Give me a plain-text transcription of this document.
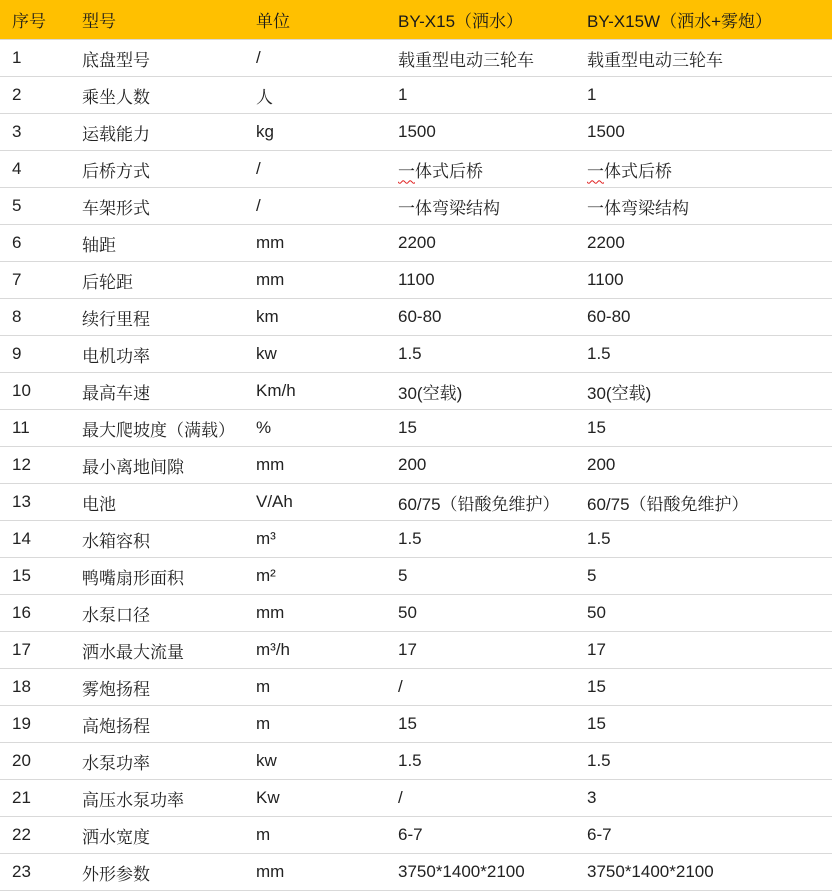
序号	型号	单位	BY-X15（洒水）	BY-X15W（洒水+雾炮）
1	底盘型号	/	载重型电动三轮车	载重型电动三轮车
2	乘坐人数	人	1	1
3	运载能力	kg	1500	1500
4	后桥方式	/	一体式后桥	一体式后桥
5	车架形式	/	一体弯梁结构	一体弯梁结构
6	轴距	mm	2200	2200
7	后轮距	mm	1100	1100
8	续行里程	km	60-80	60-80
9	电机功率	kw	1.5	1.5
10	最高车速	Km/h	30(空载)	30(空载)
11	最大爬坡度（满载）	%	15	15
12	最小离地间隙	mm	200	200
13	电池	V/Ah	60/75（铅酸免维护）	60/75（铅酸免维护）
14	水箱容积	m³	1.5	1.5
15	鸭嘴扇形面积	m²	5	5
16	水泵口径	mm	50	50
17	洒水最大流量	m³/h	17	17
18	雾炮扬程	m	/	15
19	高炮扬程	m	15	15
20	水泵功率	kw	1.5	1.5
21	高压水泵功率	Kw	/	3
22	洒水宽度	m	6-7	6-7
23	外形参数	mm	3750*1400*2100	3750*1400*2100
